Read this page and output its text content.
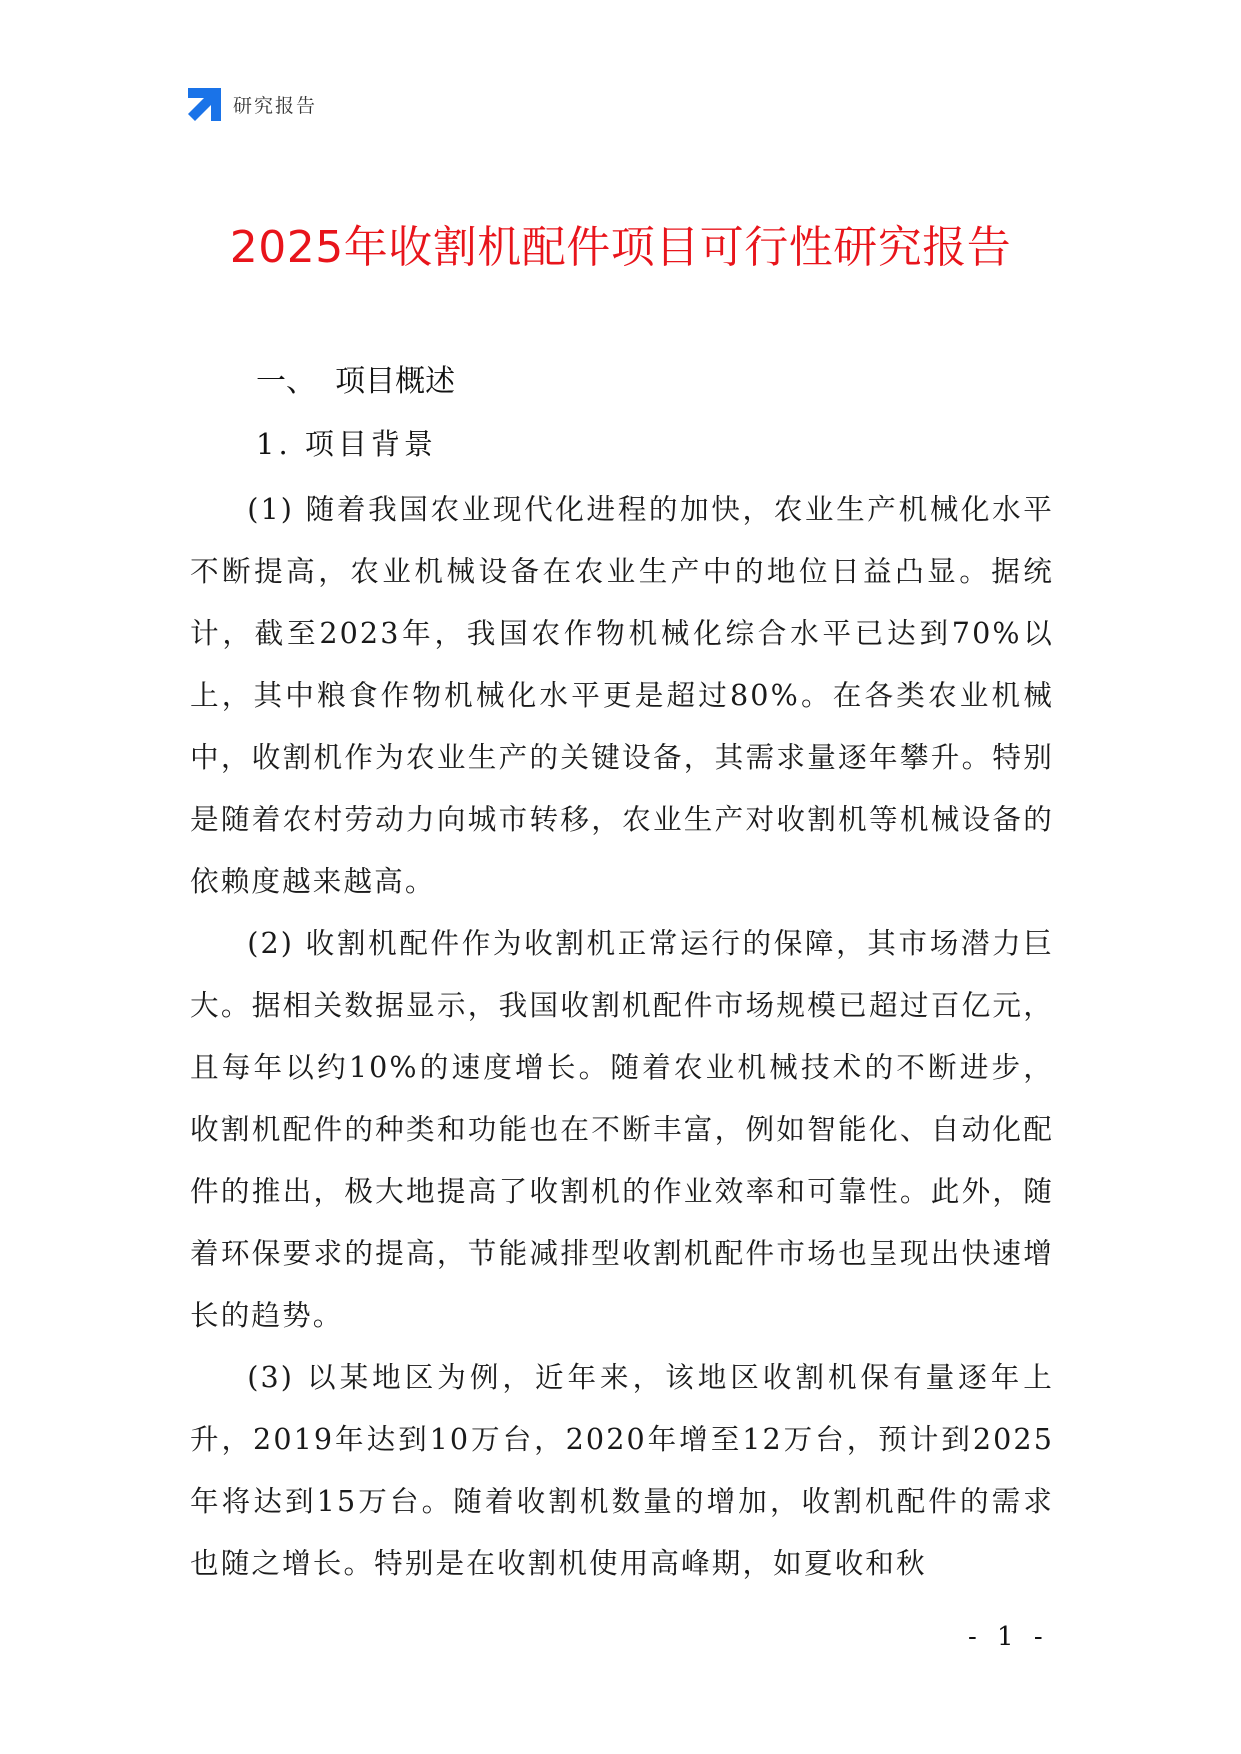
研究报告
2025年收割机配件项目可行性研究报告
一、  项目概述
1. 项目背景

(1) 随着我国农业现代化进程的加快，农业生产机械化水平不断提高，农业机械设备在农业生产中的地位日益凸显。据统计，截至2023年，我国农作物机械化综合水平已达到70%以上，其中粮食作物机械化水平更是超过80%。在各类农业机械中，收割机作为农业生产的关键设备，其需求量逐年攀升。特别是随着农村劳动力向城市转移，农业生产对收割机等机械设备的依赖度越来越高。

(2) 收割机配件作为收割机正常运行的保障，其市场潜力巨大。据相关数据显示，我国收割机配件市场规模已超过百亿元，且每年以约10%的速度增长。随着农业机械技术的不断进步，收割机配件的种类和功能也在不断丰富，例如智能化、自动化配件的推出，极大地提高了收割机的作业效率和可靠性。此外，随着环保要求的提高，节能减排型收割机配件市场也呈现出快速增长的趋势。

(3) 以某地区为例，近年来，该地区收割机保有量逐年上升，2019年达到10万台，2020年增至12万台，预计到2025年将达到15万台。随着收割机数量的增加，收割机配件的需求也随之增长。特别是在收割机使用高峰期，如夏收和秋

- 1 -
